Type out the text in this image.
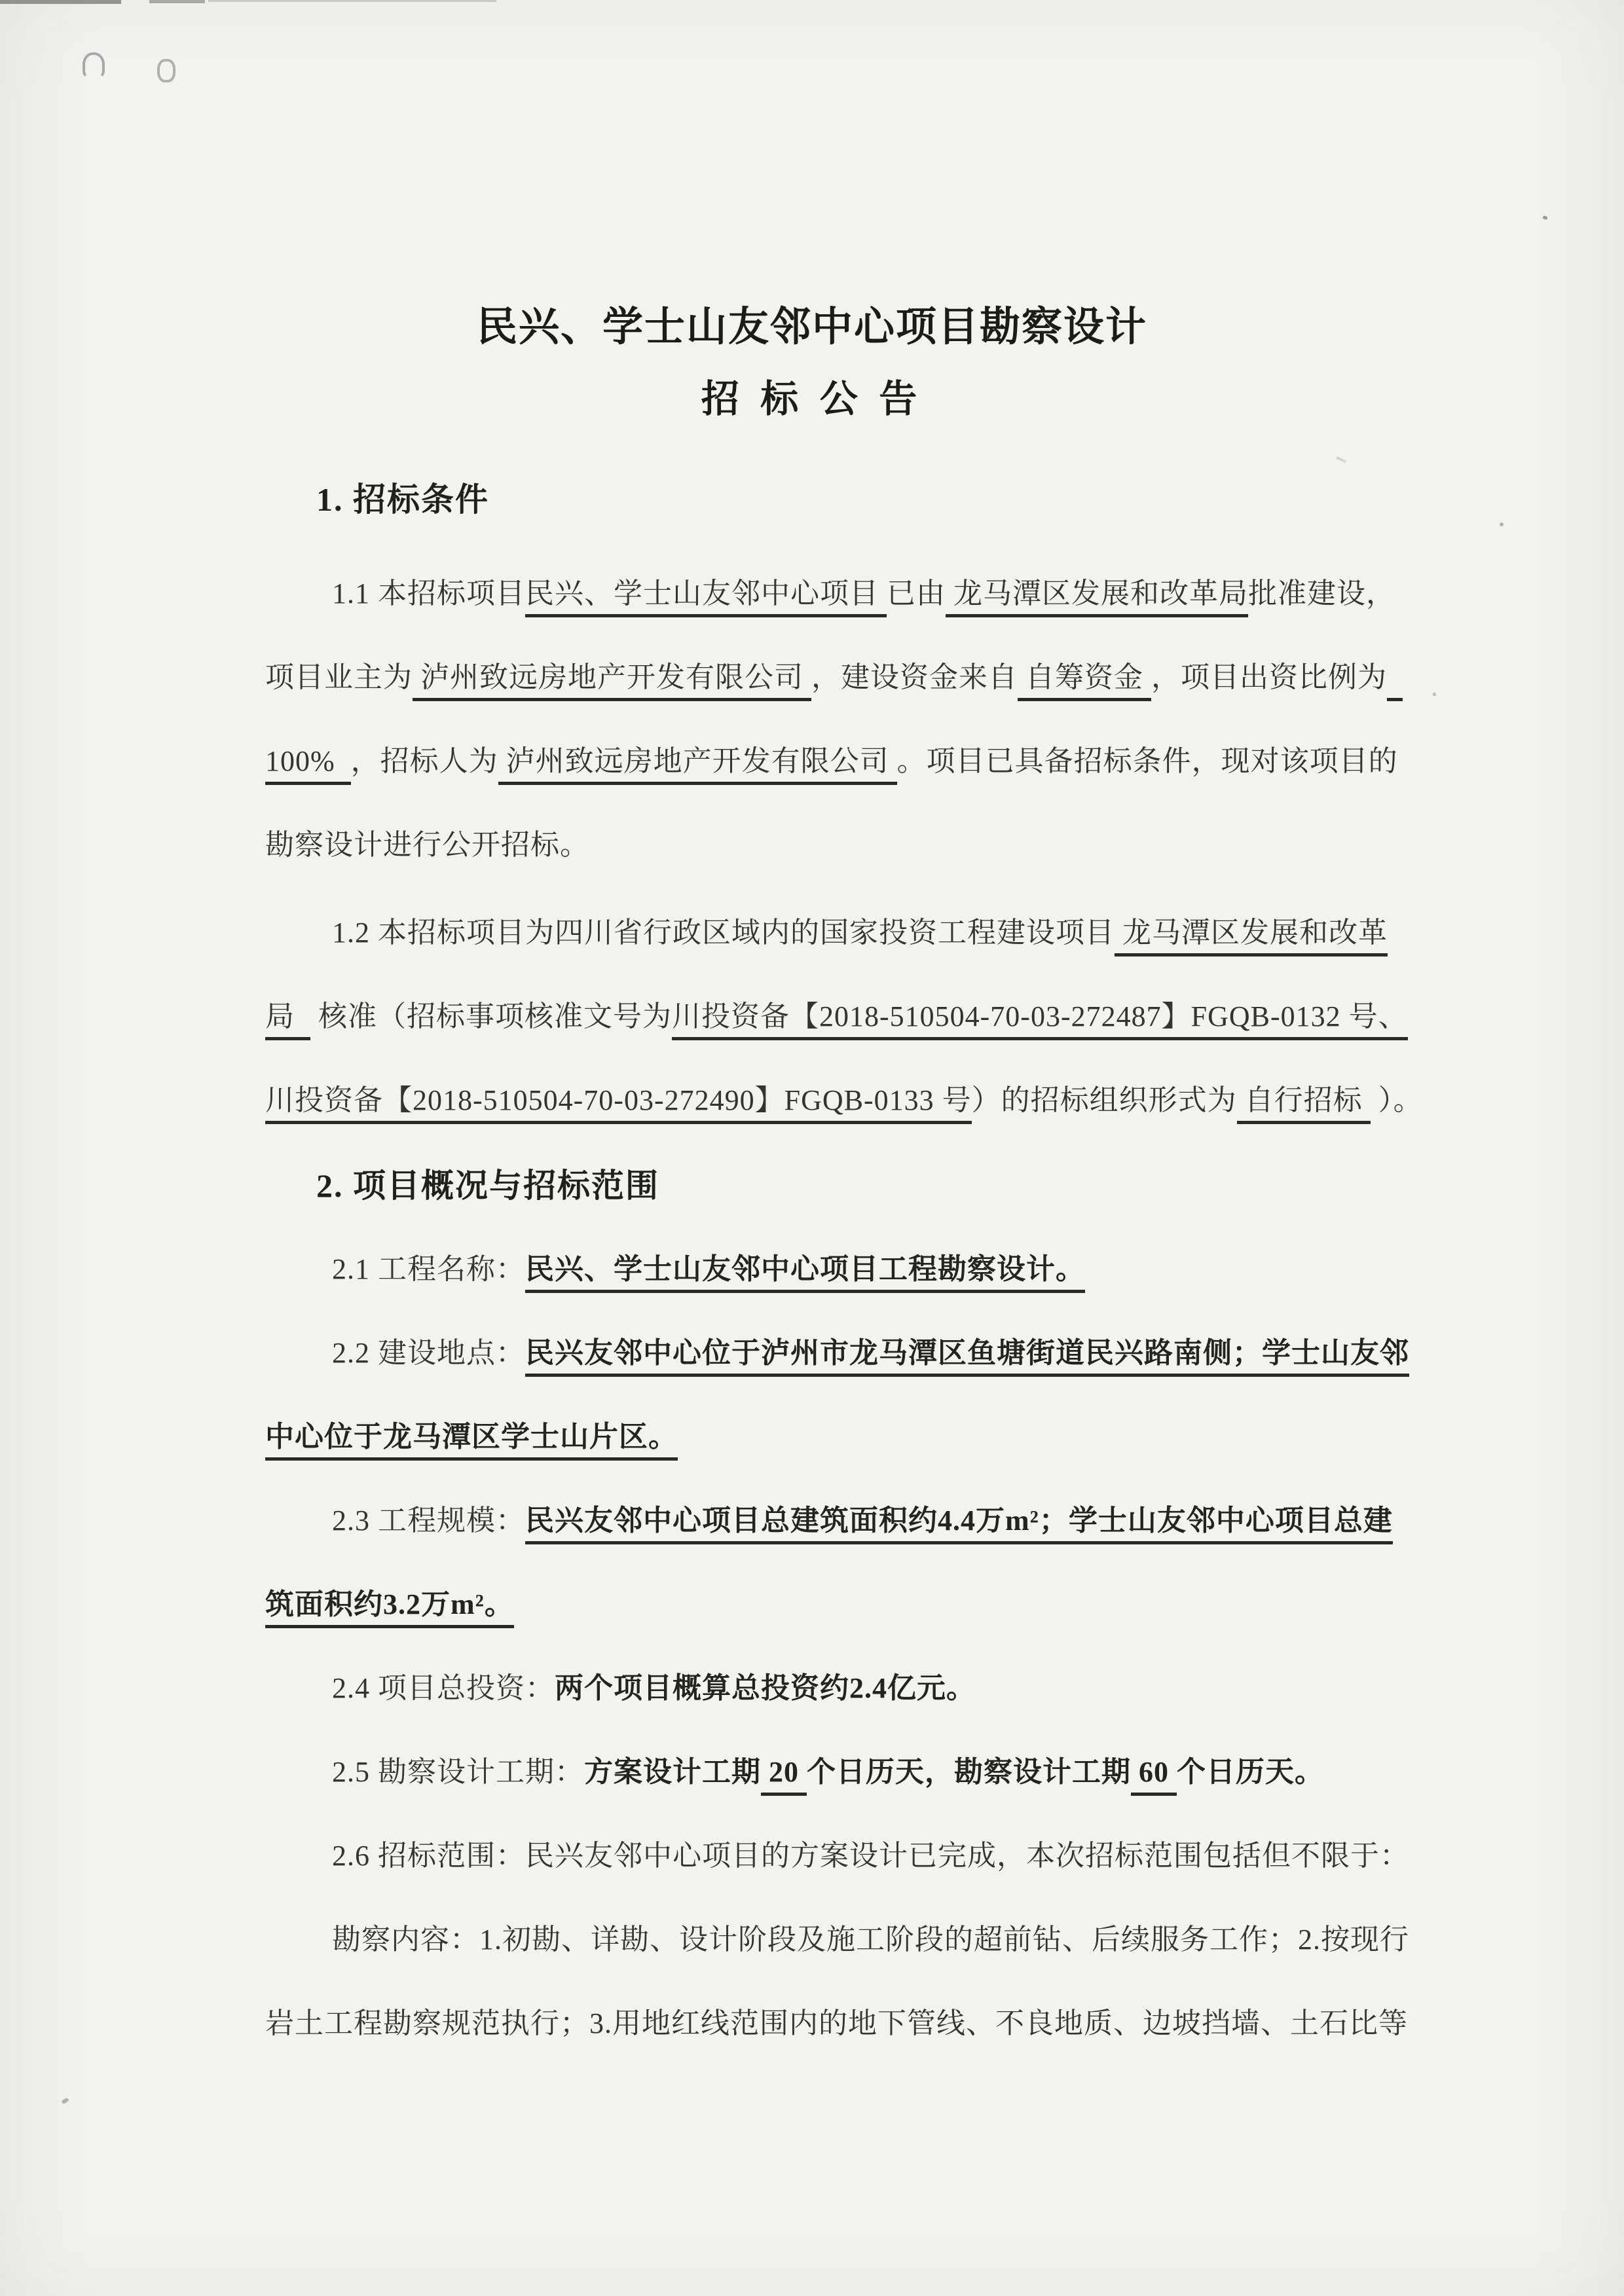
民兴、学士山友邻中心项目勘察设计
招 标 公 告
1. 招标条件
1.1 本招标项目民兴、学士山友邻中心项目 已由 龙马潭区发展和改革局批准建设，
项目业主为 泸州致远房地产开发有限公司 ，建设资金来自 自筹资金 ，项目出资比例为
100%  ，招标人为 泸州致远房地产开发有限公司 。项目已具备招标条件，现对该项目的
勘察设计进行公开招标。
1.2 本招标项目为四川省行政区域内的国家投资工程建设项目 龙马潭区发展和改革
局   核准（招标事项核准文号为川投资备【2018-510504-70-03-272487】FGQB-0132 号、
川投资备【2018-510504-70-03-272490】FGQB-0133 号）的招标组织形式为 自行招标  ）。
2. 项目概况与招标范围
2.1 工程名称：民兴、学士山友邻中心项目工程勘察设计。
2.2 建设地点：民兴友邻中心位于泸州市龙马潭区鱼塘街道民兴路南侧；学士山友邻
中心位于龙马潭区学士山片区。
2.3 工程规模：民兴友邻中心项目总建筑面积约4.4万m²；学士山友邻中心项目总建
筑面积约3.2万m²。
2.4 项目总投资：两个项目概算总投资约2.4亿元。
2.5 勘察设计工期：方案设计工期 20 个日历天，勘察设计工期 60 个日历天。
2.6 招标范围：民兴友邻中心项目的方案设计已完成，本次招标范围包括但不限于：
勘察内容：1.初勘、详勘、设计阶段及施工阶段的超前钻、后续服务工作；2.按现行
岩土工程勘察规范执行；3.用地红线范围内的地下管线、不良地质、边坡挡墙、土石比等
